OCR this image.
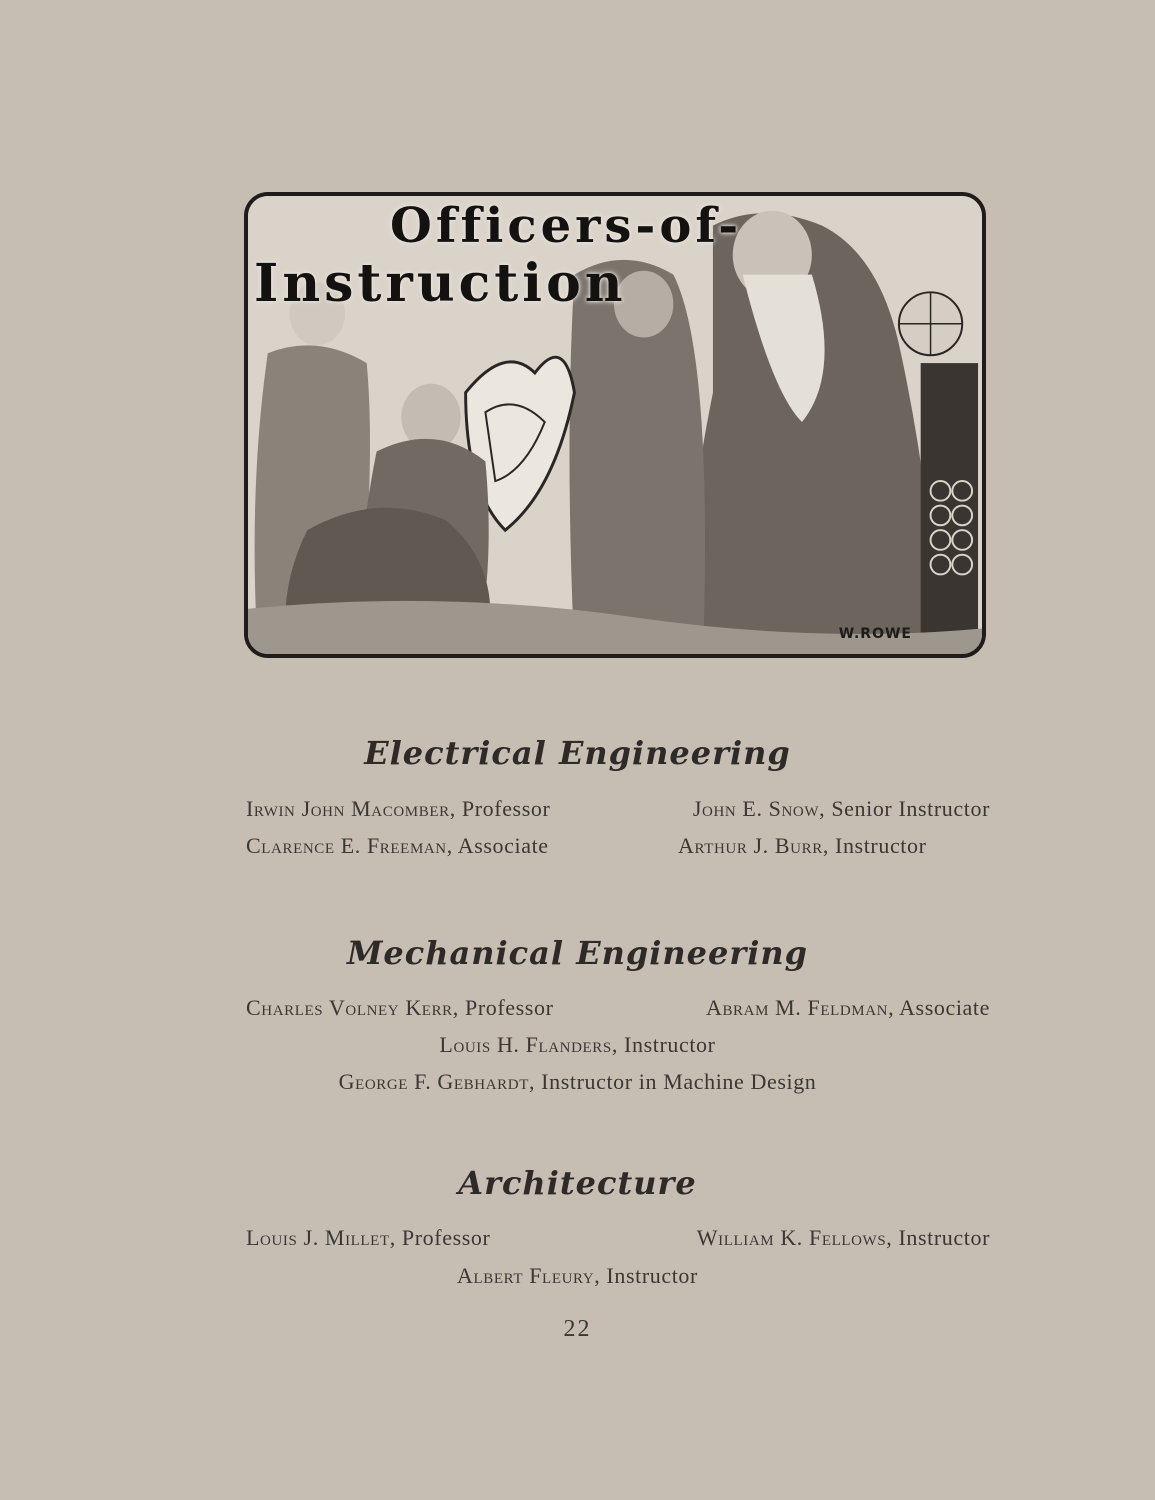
Officers-of-
Instruction
W.ROWE
Electrical Engineering
Irwin John Macomber, Professor	John E. Snow, Senior Instructor
Clarence E. Freeman, Associate	Arthur J. Burr, Instructor
Mechanical Engineering
Charles Volney Kerr, Professor	Abram M. Feldman, Associate
Louis H. Flanders, Instructor
George F. Gebhardt, Instructor in Machine Design
Architecture
Louis J. Millet, Professor	William K. Fellows, Instructor
Albert Fleury, Instructor
22
